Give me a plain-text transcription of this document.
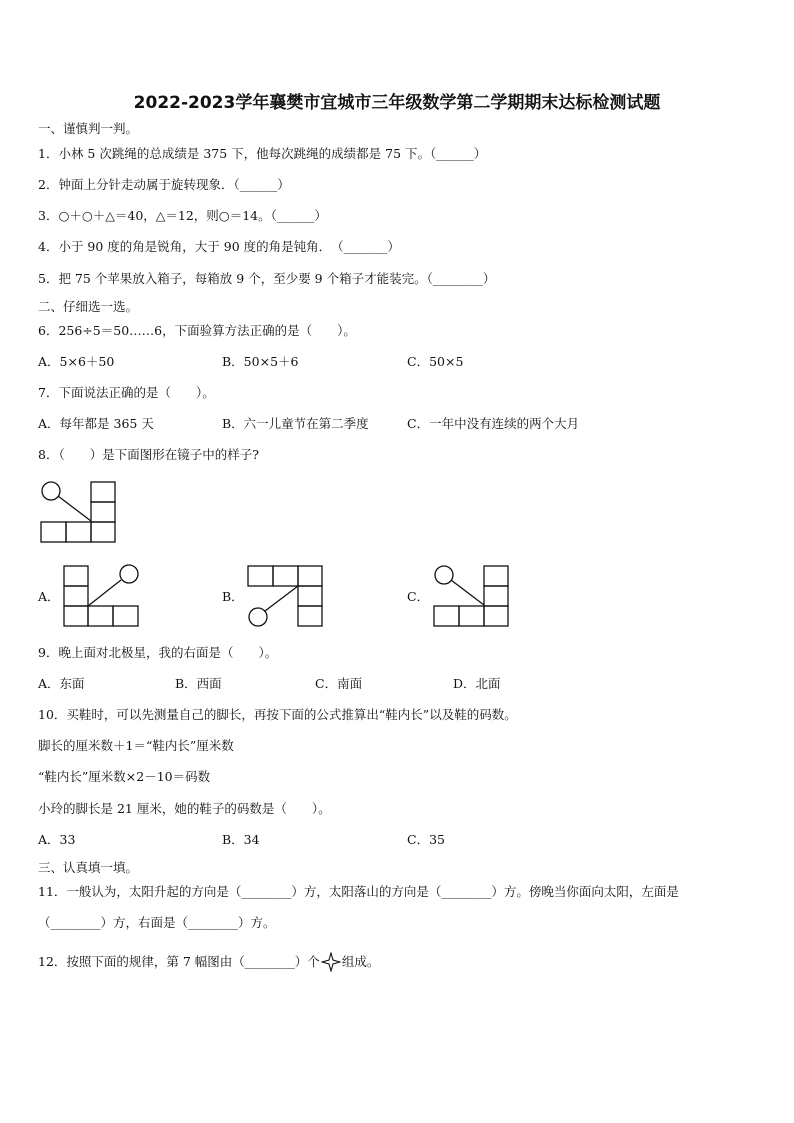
2022-2023学年襄樊市宜城市三年级数学第二学期期末达标检测试题
一、谨慎判一判。
1．小林 5 次跳绳的总成绩是 375 下，他每次跳绳的成绩都是 75 下。（______）
2．钟面上分针走动属于旋转现象．（______）
3．○＋○＋△＝40，△＝12，则○＝14。（______）
4．小于 90 度的角是锐角，大于 90 度的角是钝角．　（_______）
5．把 75 个苹果放入箱子，每箱放 9 个，至少要 9 个箱子才能装完。（________）
二、仔细选一选。
6．256÷5＝50……6，下面验算方法正确的是（　　）。
A．5×6＋50	B．50×5＋6	C．50×5
7．下面说法正确的是（　　）。
A．每年都是 365 天	B．六一儿童节在第二季度	C．一年中没有连续的两个大月
8．（　　）是下面图形在镜子中的样子?
A．	B．	C．
9．晚上面对北极星，我的右面是（　　）。
A．东面	B．西面	C．南面	D．北面
10．买鞋时，可以先测量自己的脚长，再按下面的公式推算出“鞋内长”以及鞋的码数。
脚长的厘米数＋1＝“鞋内长”厘米数
“鞋内长”厘米数×2－10＝码数
小玲的脚长是 21 厘米，她的鞋子的码数是（　　）。
A．33	B．34	C．35
三、认真填一填。
11．一般认为，太阳升起的方向是（________）方，太阳落山的方向是（________）方。傍晚当你面向太阳，左面是
（________）方，右面是（________）方。
12．按照下面的规律，第 7 幅图由（________）个 组成。
